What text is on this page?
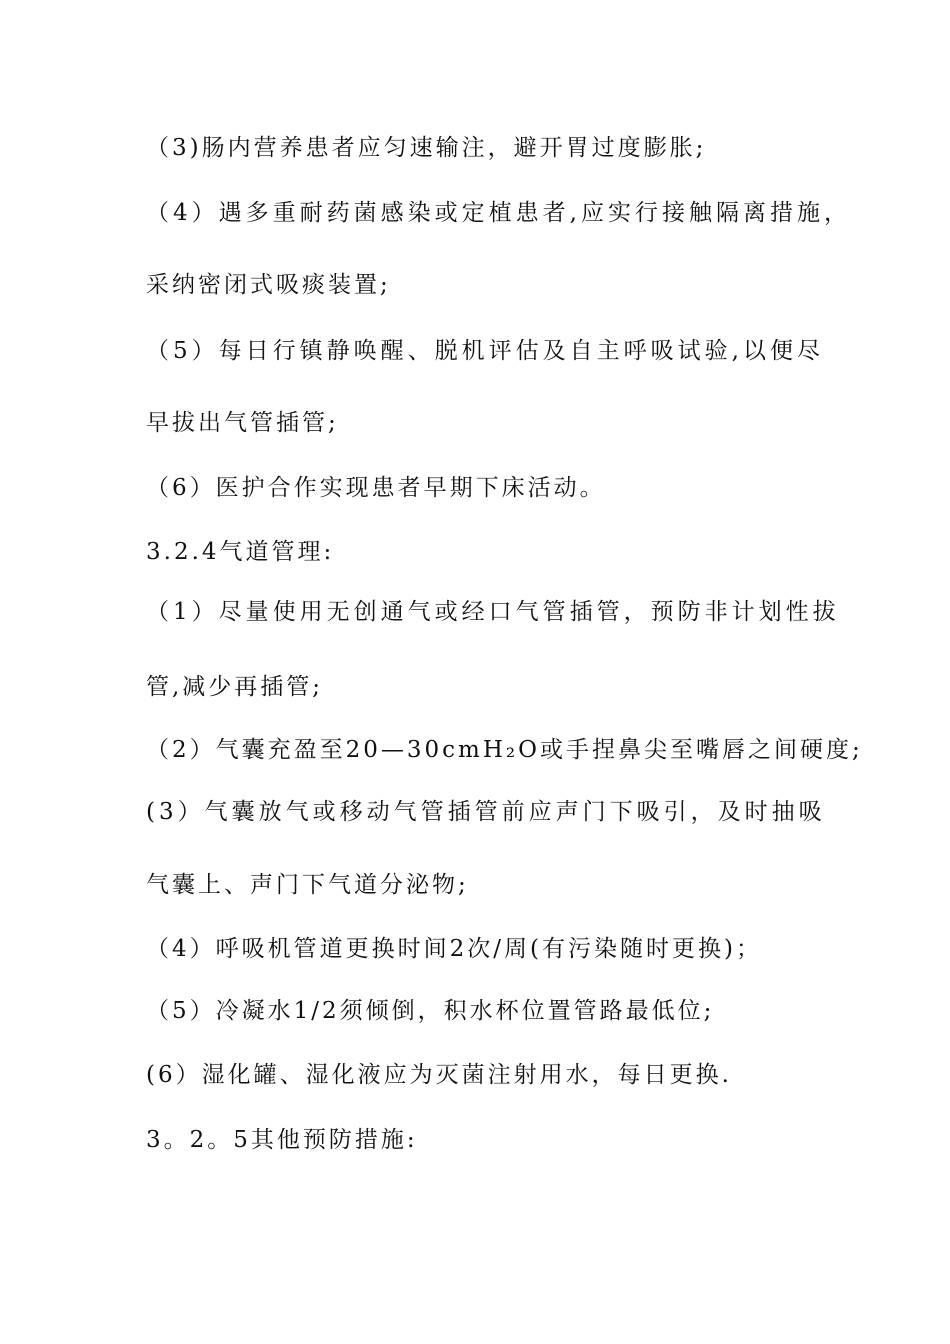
（3)肠内营养患者应匀速输注，避开胃过度膨胀;
（4）遇多重耐药菌感染或定植患者,应实行接触隔离措施，
采纳密闭式吸痰装置;
（5）每日行镇静唤醒、脱机评估及自主呼吸试验,以便尽
早拔出气管插管;
（6）医护合作实现患者早期下床活动。
3.2.4气道管理:
（1）尽量使用无创通气或经口气管插管，预防非计划性拔
管,减少再插管;
（2）气囊充盈至20—30cmH₂O或手捏鼻尖至嘴唇之间硬度;
(3）气囊放气或移动气管插管前应声门下吸引，及时抽吸
气囊上、声门下气道分泌物;
（4）呼吸机管道更换时间2次/周(有污染随时更换)；
（5）冷凝水1/2须倾倒，积水杯位置管路最低位;
(6）湿化罐、湿化液应为灭菌注射用水，每日更换.
3。2。5其他预防措施:
